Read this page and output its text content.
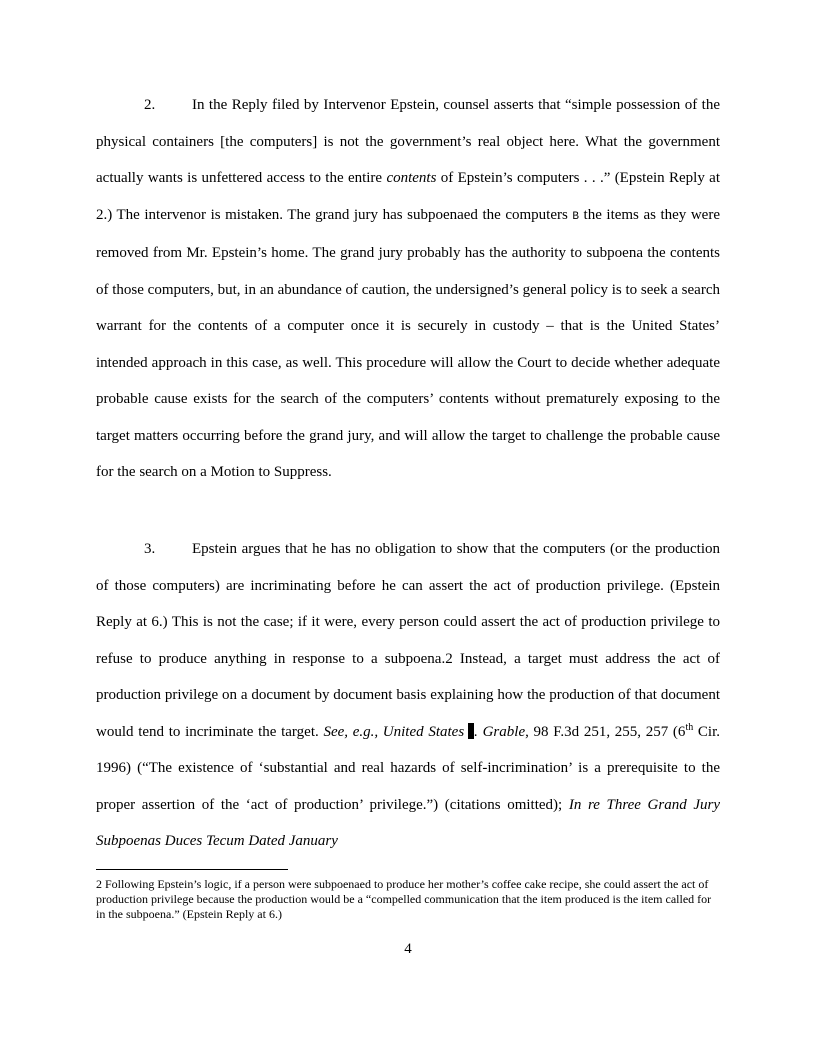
2. In the Reply filed by Intervenor Epstein, counsel asserts that “simple possession of the physical containers [the computers] is not the government’s real object here. What the government actually wants is unfettered access to the entire contents of Epstein’s computers . . .” (Epstein Reply at 2.) The intervenor is mistaken. The grand jury has subpoenaed the computers B the items as they were removed from Mr. Epstein’s home. The grand jury probably has the authority to subpoena the contents of those computers, but, in an abundance of caution, the undersigned’s general policy is to seek a search warrant for the contents of a computer once it is securely in custody – that is the United States’ intended approach in this case, as well. This procedure will allow the Court to decide whether adequate probable cause exists for the search of the computers’ contents without prematurely exposing to the target matters occurring before the grand jury, and will allow the target to challenge the probable cause for the search on a Motion to Suppress.

3. Epstein argues that he has no obligation to show that the computers (or the production of those computers) are incriminating before he can assert the act of production privilege. (Epstein Reply at 6.) This is not the case; if it were, every person could assert the act of production privilege to refuse to produce anything in response to a subpoena.2 Instead, a target must address the act of production privilege on a document by document basis explaining how the production of that document would tend to incriminate the target. See, e.g., United States . Grable, 98 F.3d 251, 255, 257 (6th Cir. 1996) (“The existence of ‘substantial and real hazards of self-incrimination’ is a prerequisite to the proper assertion of the ‘act of production’ privilege.”) (citations omitted); In re Three Grand Jury Subpoenas Duces Tecum Dated January

2 Following Epstein’s logic, if a person were subpoenaed to produce her mother’s coffee cake recipe, she could assert the act of production privilege because the production would be a “compelled communication that the item produced is the item called for in the subpoena.” (Epstein Reply at 6.)

4
